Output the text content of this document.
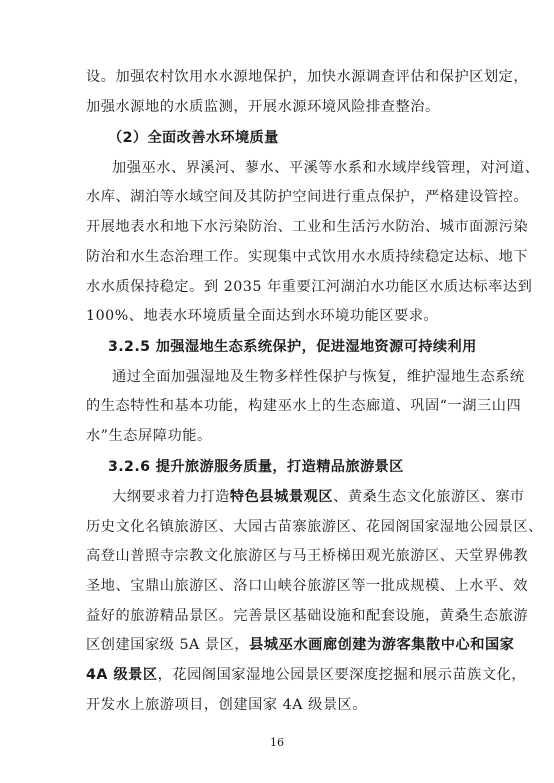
设。加强农村饮用水水源地保护，加快水源调查评估和保护区划定，
加强水源地的水质监测，开展水源环境风险排查整治。
（2）全面改善水环境质量
加强巫水、界溪河、蓼水、平溪等水系和水域岸线管理，对河道、
水库、湖泊等水域空间及其防护空间进行重点保护，严格建设管控。
开展地表水和地下水污染防治、工业和生活污水防治、城市面源污染
防治和水生态治理工作。实现集中式饮用水水质持续稳定达标、地下
水水质保持稳定。到 2035 年重要江河湖泊水功能区水质达标率达到
100%、地表水环境质量全面达到水环境功能区要求。
3.2.5 加强湿地生态系统保护，促进湿地资源可持续利用
通过全面加强湿地及生物多样性保护与恢复，维护湿地生态系统
的生态特性和基本功能，构建巫水上的生态廊道、巩固“一湖三山四
水”生态屏障功能。
3.2.6 提升旅游服务质量，打造精品旅游景区
大纲要求着力打造特色县城景观区、黄桑生态文化旅游区、寨市
历史文化名镇旅游区、大园古苗寨旅游区、花园阁国家湿地公园景区、
高登山普照寺宗教文化旅游区与马王桥梯田观光旅游区、天堂界佛教
圣地、宝鼎山旅游区、洛口山峡谷旅游区等一批成规模、上水平、效
益好的旅游精品景区。完善景区基础设施和配套设施，黄桑生态旅游
区创建国家级 5A 景区，县城巫水画廊创建为游客集散中心和国家
4A 级景区，花园阁国家湿地公园景区要深度挖掘和展示苗族文化，
开发水上旅游项目，创建国家 4A 级景区。
16
